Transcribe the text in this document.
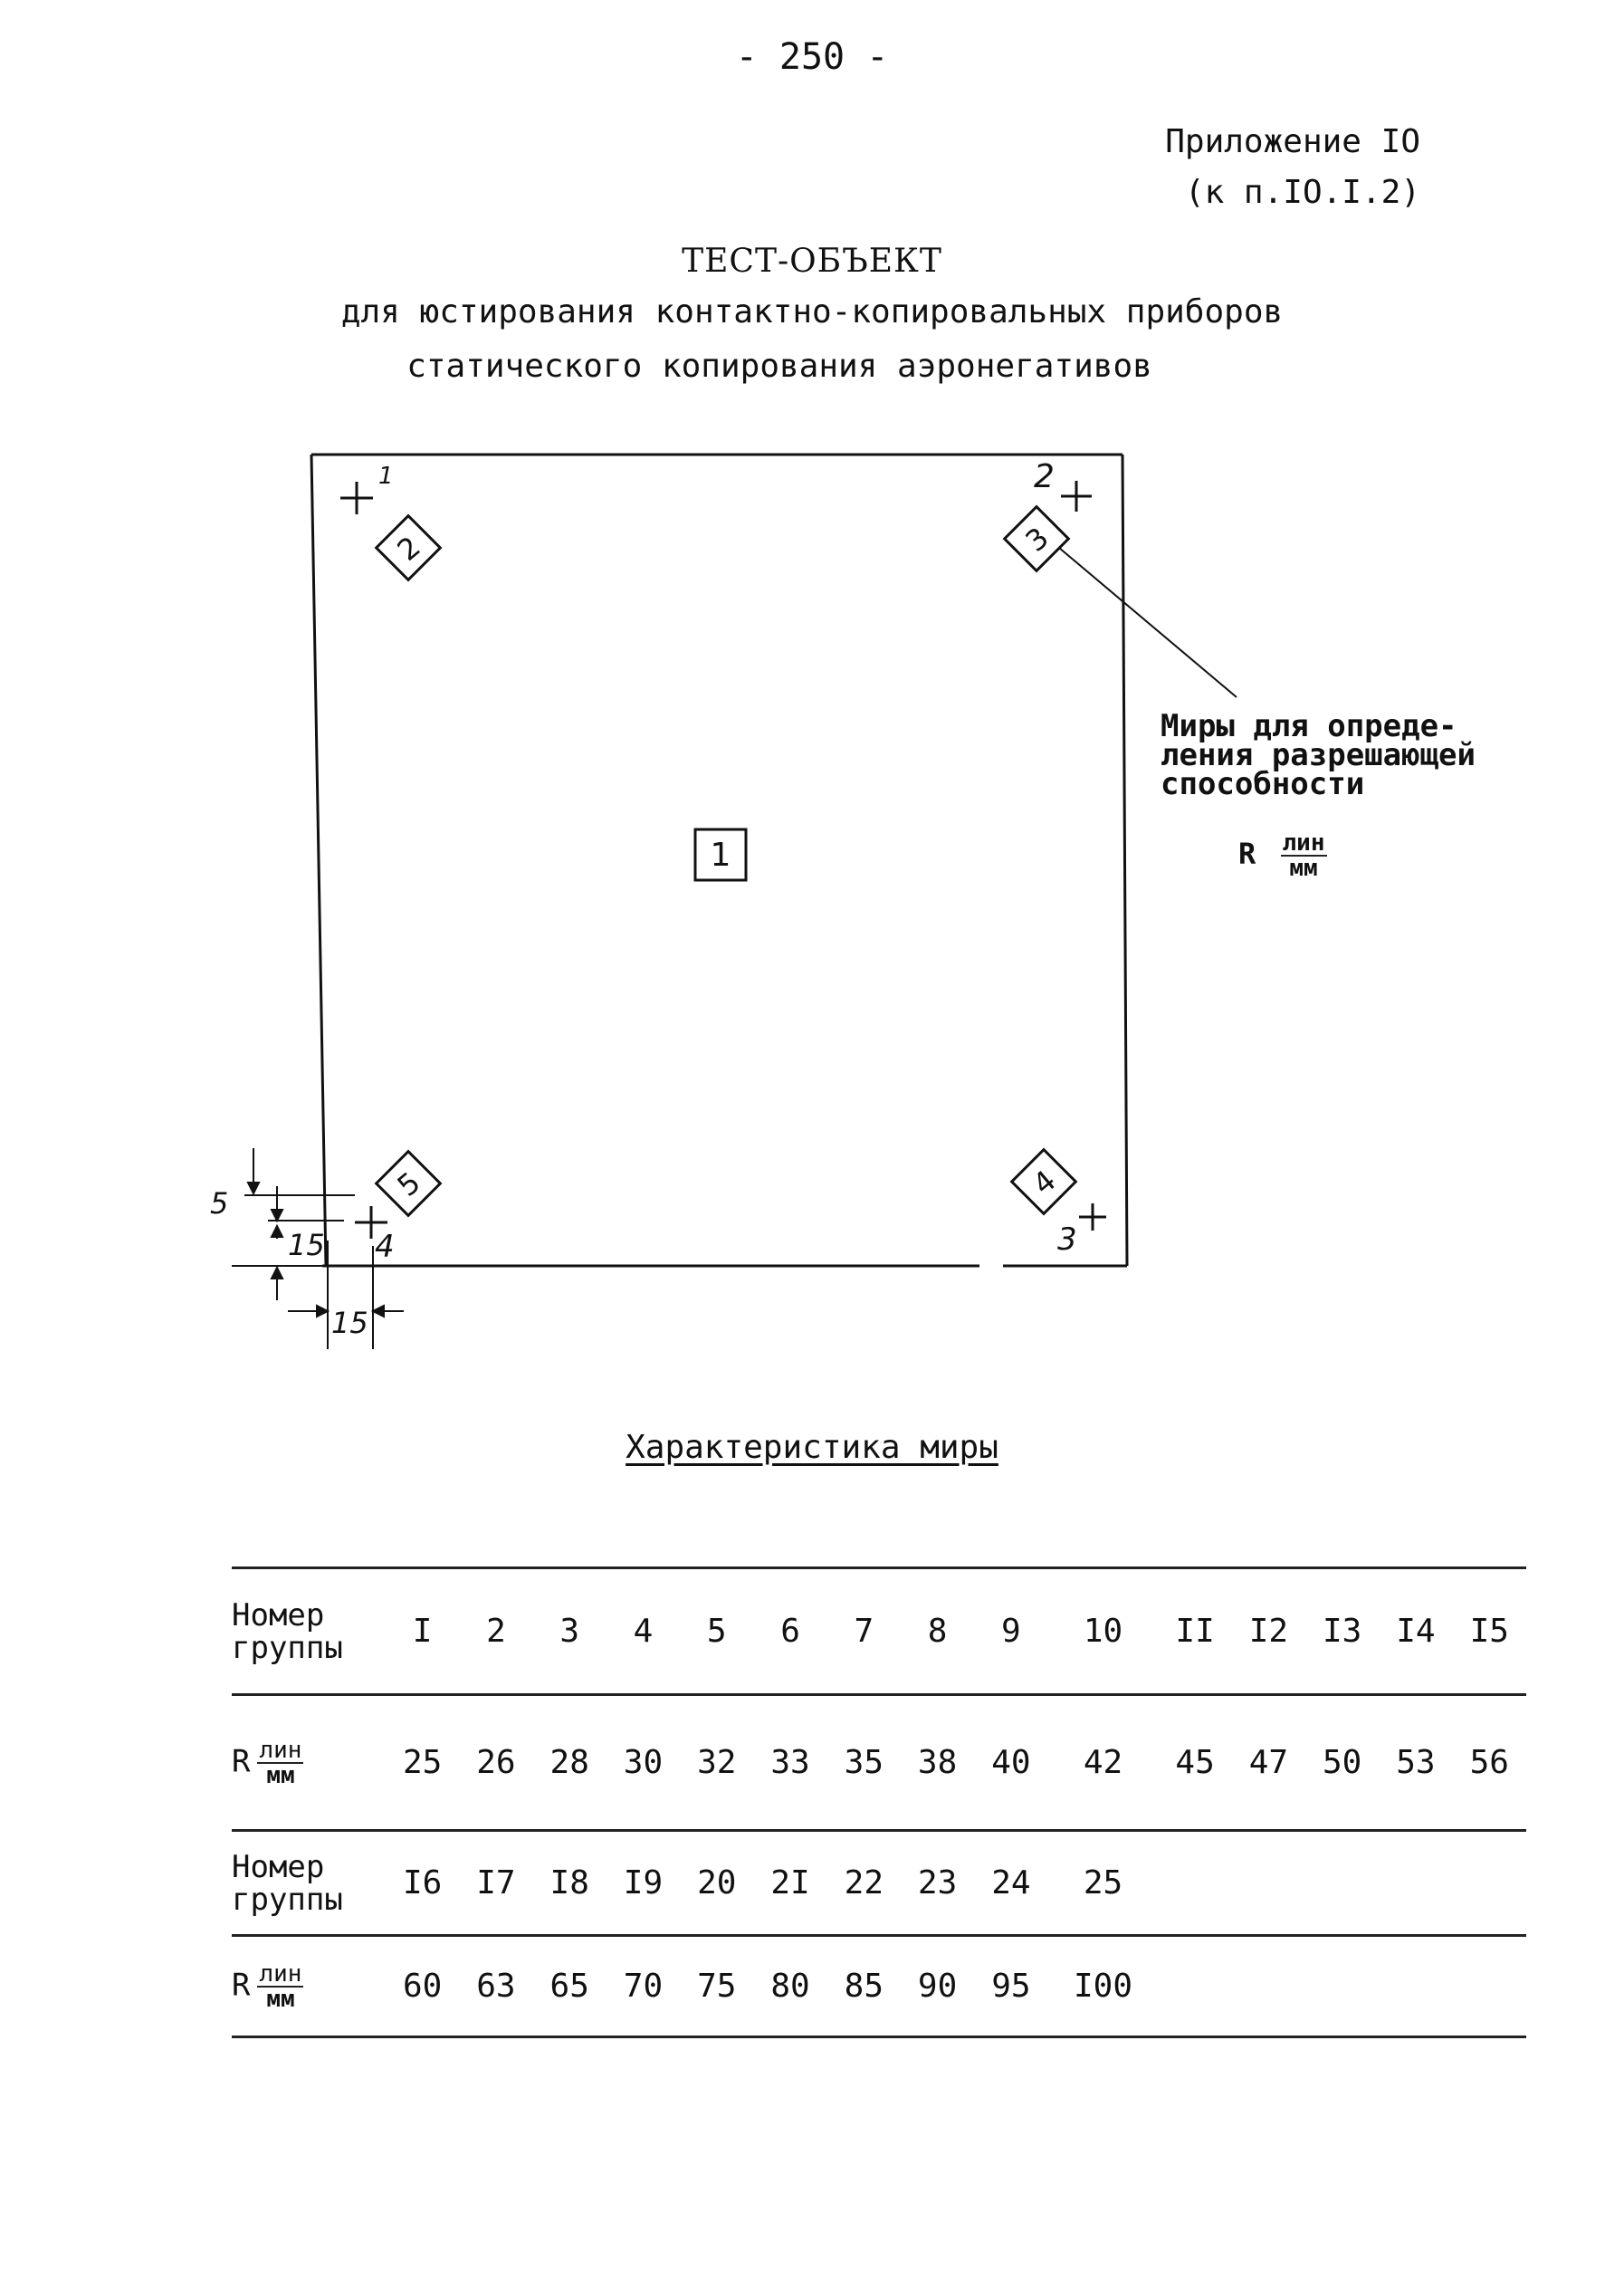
- 250 -
Приложение IO
(к п.IO.I.2)
ТЕСТ-ОБЪЕКТ
для юстирования контактно-копировальных приборов
статического копирования аэронегативов
1
2	3
4
5
1	2
3
4
5
15
15
Миры для опреде-
ления разрешающей
способности
R $\frac{\text{лин}}{мм}$
Характеристика миры
Номер группы	I	2	3	4	5	6	7	8	9	10	II	I2	I3	I4	I5
R $\frac{\text{лин}}{мм}$	25	26	28	30	32	33	35	38	40	42	45	47	50	53	56
Номер группы	I6	I7	I8	I9	20	2I	22	23	24	25					
R $\frac{\text{лин}}{мм}$	60	63	65	70	75	80	85	90	95	I00					
